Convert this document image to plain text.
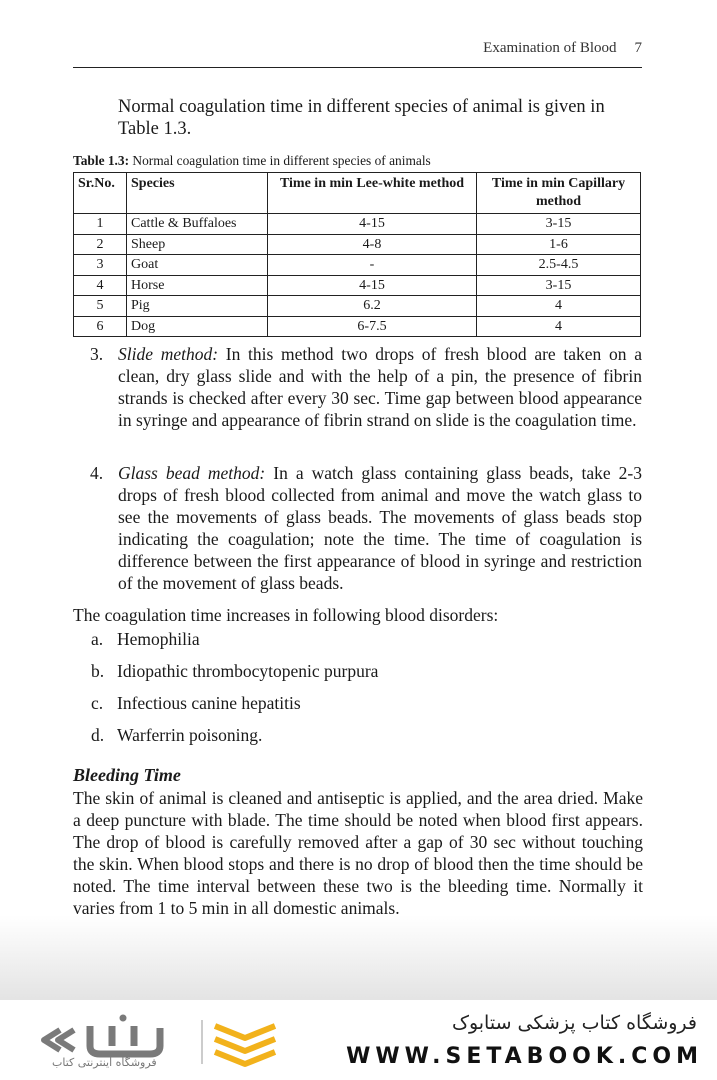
Examination of Blood 7
Normal coagulation time in different species of animal is given in Table 1.3.
Table 1.3: Normal coagulation time in different species of animals
Sr.No.	Species	Time in min Lee-white method	Time in min Capillary method
1	Cattle & Buffaloes	4-15	3-15
2	Sheep	4-8	1-6
3	Goat	-	2.5-4.5
4	Horse	4-15	3-15
5	Pig	6.2	4
6	Dog	6-7.5	4
3. Slide method: In this method two drops of fresh blood are taken on a clean, dry glass slide and with the help of a pin, the presence of fibrin strands is checked after every 30 sec. Time gap between blood appearance in syringe and appearance of fibrin strand on slide is the coagulation time.
4. Glass bead method: In a watch glass containing glass beads, take 2-3 drops of fresh blood collected from animal and move the watch glass to see the movements of glass beads. The movements of glass beads stop indicating the coagulation; note the time. The time of coagulation is difference between the first appearance of blood in syringe and restriction of the movement of glass beads.
The coagulation time increases in following blood disorders:
a. Hemophilia
b. Idiopathic thrombocytopenic purpura
c. Infectious canine hepatitis
d. Warferrin poisoning.
Bleeding Time
The skin of animal is cleaned and antiseptic is applied, and the area dried. Make a deep puncture with blade. The time should be noted when blood first appears. The drop of blood is carefully removed after a gap of 30 sec without touching the skin. When blood stops and there is no drop of blood then the time should be noted. The time interval between these two is the bleeding time. Normally it varies from 1 to 5 min in all domestic animals.
فروشگاه اینترنتی کتاب
فروشگاه کتاب پزشکی ستابوک
WWW.SETABOOK.COM
